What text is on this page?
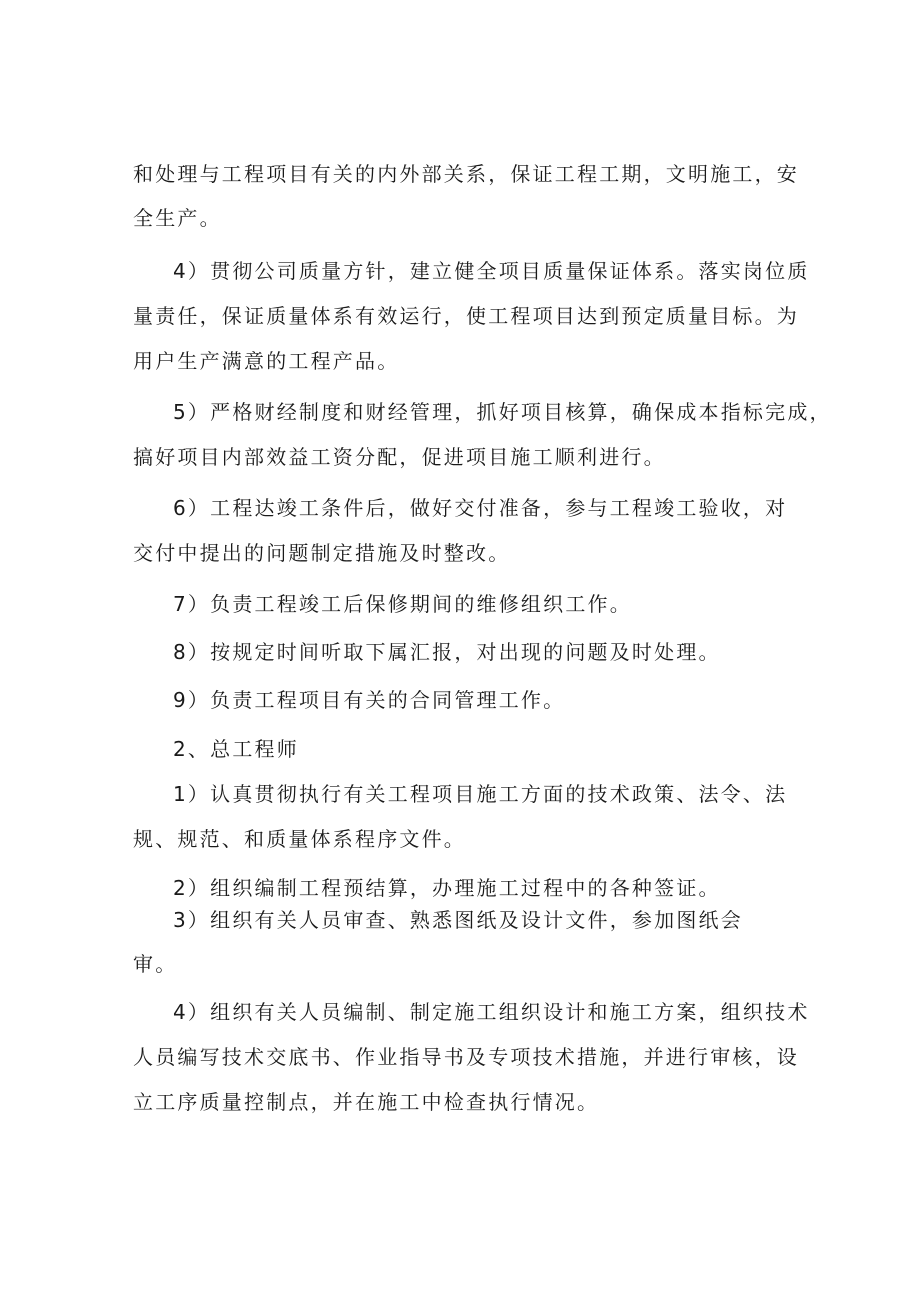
和处理与工程项目有关的内外部关系，保证工程工期，文明施工，安
全生产。
4）贯彻公司质量方针，建立健全项目质量保证体系。落实岗位质
量责任，保证质量体系有效运行，使工程项目达到预定质量目标。为
用户生产满意的工程产品。
5）严格财经制度和财经管理，抓好项目核算，确保成本指标完成，
搞好项目内部效益工资分配，促进项目施工顺利进行。
6）工程达竣工条件后，做好交付准备，参与工程竣工验收，对
交付中提出的问题制定措施及时整改。
7）负责工程竣工后保修期间的维修组织工作。
8）按规定时间听取下属汇报，对出现的问题及时处理。
9）负责工程项目有关的合同管理工作。
2、总工程师
1）认真贯彻执行有关工程项目施工方面的技术政策、法令、法
规、规范、和质量体系程序文件。
2）组织编制工程预结算，办理施工过程中的各种签证。
3）组织有关人员审查、熟悉图纸及设计文件，参加图纸会
审。
4）组织有关人员编制、制定施工组织设计和施工方案，组织技术
人员编写技术交底书、作业指导书及专项技术措施，并进行审核，设
立工序质量控制点，并在施工中检查执行情况。
